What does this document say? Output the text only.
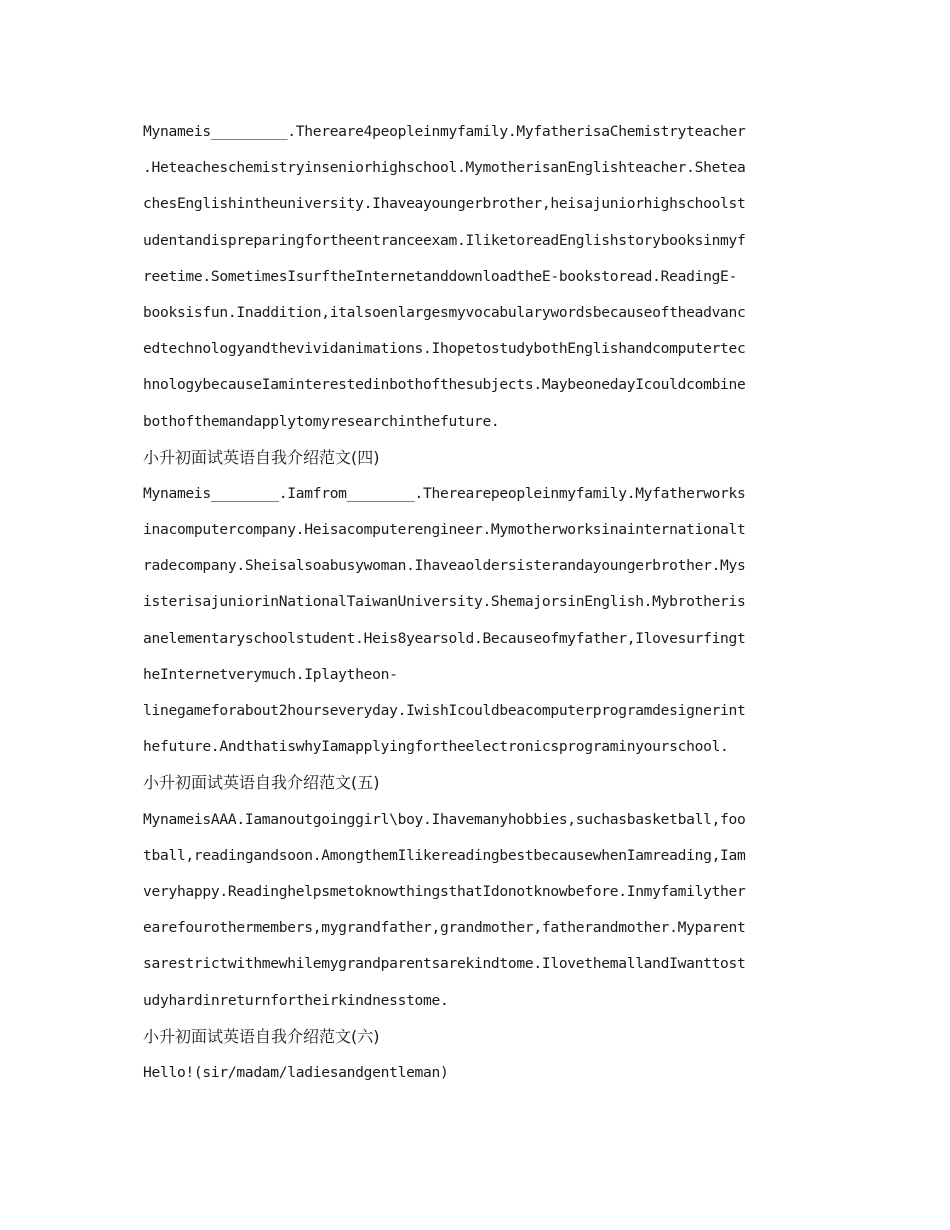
Mynameis_________.Thereare4peopleinmyfamily.MyfatherisaChemistryteacher
.Heteacheschemistryinseniorhighschool.MymotherisanEnglishteacher.Shetea
chesEnglishintheuniversity.Ihaveayoungerbrother,heisajuniorhighschoolst
udentandispreparingfortheentranceexam.IliketoreadEnglishstorybooksinmyf
reetime.SometimesIsurftheInternetanddownloadtheE-bookstoread.ReadingE-
booksisfun.Inaddition,italsoenlargesmyvocabularywordsbecauseoftheadvanc
edtechnologyandthevividanimations.IhopetostudybothEnglishandcomputertec
hnologybecauseIaminterestedinbothofthesubjects.MaybeonedayIcouldcombine
bothofthemandapplytomyresearchinthefuture.
小升初面试英语自我介绍范文(四)
Mynameis________.Iamfrom________.Therearepeopleinmyfamily.Myfatherworks
inacomputercompany.Heisacomputerengineer.Mymotherworksinainternationalt
radecompany.Sheisalsoabusywoman.Ihaveaoldersisterandayoungerbrother.Mys
isterisajuniorinNationalTaiwanUniversity.ShemajorsinEnglish.Mybrotheris
anelementaryschoolstudent.Heis8yearsold.Becauseofmyfather,Ilovesurfingt
heInternetverymuch.Iplaytheon-
linegameforabout2hourseveryday.IwishIcouldbeacomputerprogramdesignerint
hefuture.AndthatiswhyIamapplyingfortheelectronicsprograminyourschool.
小升初面试英语自我介绍范文(五)
MynameisAAA.Iamanoutgoinggirl\boy.Ihavemanyhobbies,suchasbasketball,foo
tball,readingandsoon.AmongthemIlikereadingbestbecausewhenIamreading,Iam
veryhappy.ReadinghelpsmetoknowthingsthatIdonotknowbefore.Inmyfamilyther
earefourothermembers,mygrandfather,grandmother,fatherandmother.Myparent
sarestrictwithmewhilemygrandparentsarekindtome.IlovethemallandIwanttost
udyhardinreturnfortheirkindnesstome.
小升初面试英语自我介绍范文(六)
Hello!(sir/madam/ladiesandgentleman)
